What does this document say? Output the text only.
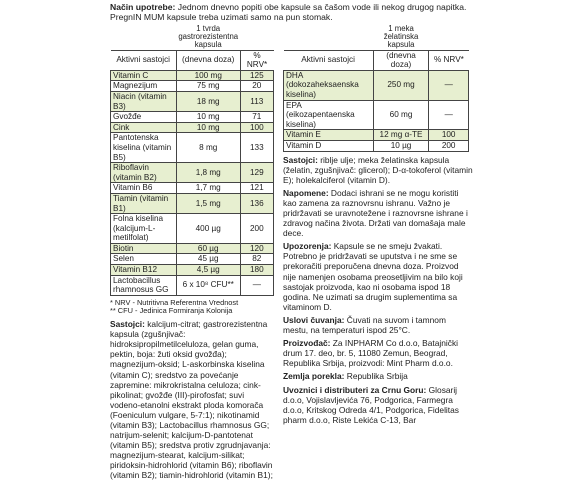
Način upotrebe: Jednom dnevno popiti obe kapsule sa čašom vode ili nekog drugog napitka. PregnIN MUM kapsule treba uzimati samo na pun stomak.
	1 tvrda gastrorezistentna kapsula	
Aktivni sastojci	(dnevna doza)	% NRV*
Vitamin C	100 mg	125
Magnezijum	75 mg	20
Niacin (vitamin B3)	18 mg	113
Gvožđe	10 mg	71
Cink	10 mg	100
Pantotenska kiselina (vitamin B5)	8 mg	133
Riboflavin (vitamin B2)	1,8 mg	129
Vitamin B6	1,7 mg	121
Tiamin (vitamin B1)	1,5 mg	136
Folna kiselina (kalcijum-L-metilfolat)	400 µg	200
Biotin	60 µg	120
Selen	45 µg	82
Vitamin B12	4,5 µg	180
Lactobacillus rhamnosus GG	6 x 10⁸ CFU**	—
* NRV - Nutritivna Referentna Vrednost
** CFU - Jedinica Formiranja Kolonija
Sastojci: kalcijum-citrat; gastrorezistentna kapsula (zgušnjivač: hidroksipropilmetilceluloza, gelan guma, pektin, boja: žuti oksid gvožđa); magnezijum-oksid; L-askorbinska kiselina (vitamin C); sredstvo za povećanje zapremine: mikrokristalna celuloza; cink-pikolinat; gvožđe (III)-pirofosfat; suvi vodeno-etanolni ekstrakt ploda komorača (Foeniculum vulgare, 5-7:1); nikotinamid (vitamin B3); Lactobacillus rhamnosus GG; natrijum-selenit; kalcijum-D-pantotenat (vitamin B5); sredstva protiv zgrudnjavanja: magnezijum-stearat, kalcijum-silikat; piridoksin-hidrohlorid (vitamin B6); riboflavin (vitamin B2); tiamin-hidrohlorid (vitamin B1);
	1 meka želatinska kapsula	
Aktivni sastojci	(dnevna doza)	% NRV*
DHA (dokozaheksaenska kiselina)	250 mg	—
EPA (eikozapentaenska kiselina)	60 mg	—
Vitamin E	12 mg α-TE	100
Vitamin D	10 µg	200
Sastojci: riblje ulje; meka želatinska kapsula (želatin, zgušnjivač: glicerol); D-α-tokoferol (vitamin E); holekalciferol (vitamin D).
Napomene: Dodaci ishrani se ne mogu koristiti kao zamena za raznovrsnu ishranu. Važno je pridržavati se uravnotežene i raznovrsne ishrane i zdravog načina života. Držati van domašaja male dece.
Upozorenja: Kapsule se ne smeju žvakati. Potrebno je pridržavati se uputstva i ne sme se prekoračiti preporučena dnevna doza. Proizvod nije namenjen osobama preosetljivim na bilo koji sastojak proizvoda, kao ni osobama ispod 18 godina. Ne uzimati sa drugim suplementima sa vitaminom D.
Uslovi čuvanja: Čuvati na suvom i tamnom mestu, na temperaturi ispod 25°C.
Proizvođač: Za INPHARM Co d.o.o, Batajnički drum 17. deo, br. 5, 11080 Zemun, Beograd, Republika Srbija, proizvodi: Mint Pharm d.o.o.
Zemlja porekla: Republika Srbija
Uvoznici i distributeri za Crnu Goru: Glosarij d.o.o, Vojislavljevića 76, Podgorica, Farmegra d.o.o, Kritskog Odreda 4/1, Podgorica, Fidelitas pharm d.o.o, Riste Lekića C-13, Bar
